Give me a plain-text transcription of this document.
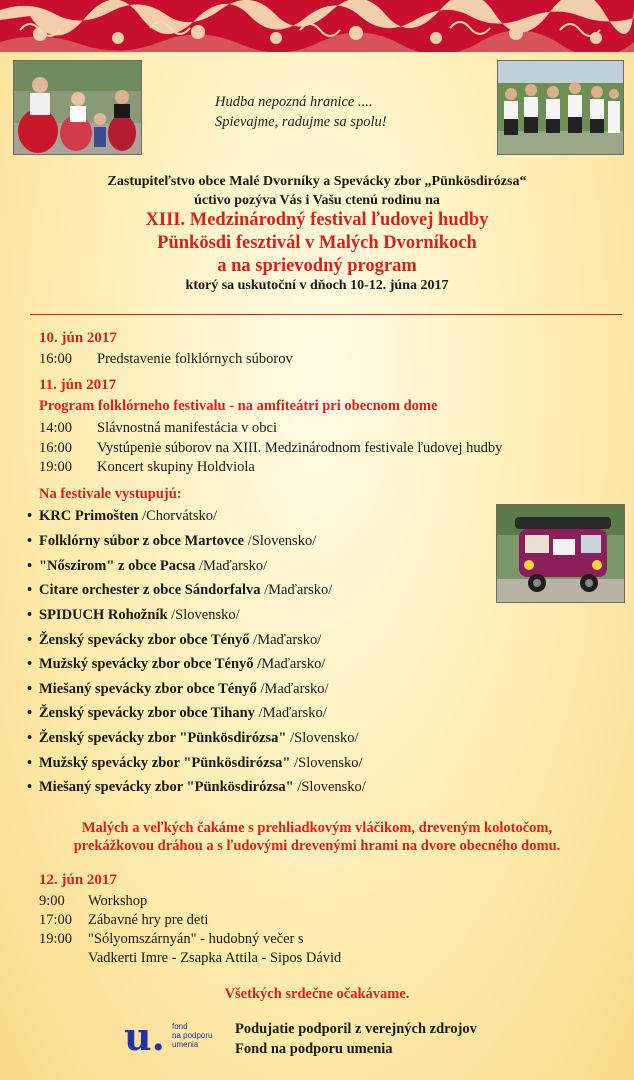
Hudba nepozná hranice ....
Spievajme, radujme sa spolu!
Zastupiteľstvo obce Malé Dvorníky a Spevácky zbor „Pünkösdirózsa“
úctivo pozýva Vás i Vašu ctenú rodinu na
XIII. Medzinárodný festival ľudovej hudby
Pünkösdi fesztivál v Malých Dvorníkoch
a na sprievodný program
ktorý sa uskutoční v dňoch 10-12. júna 2017
10. jún 2017
16:00 Predstavenie folklórnych súborov
11. jún 2017
Program folklórneho festivalu - na amfiteátri pri obecnom dome
14:00 Slávnostná manifestácia v obci
16:00 Vystúpenie súborov na XIII. Medzinárodnom festivale ľudovej hudby
19:00 Koncert skupiny Holdviola
Na festivale vystupujú:
• KRC Primošten /Chorvátsko/
• Folklórny súbor z obce Martovce /Slovensko/
• "Nőszirom" z obce Pacsa /Maďarsko/
• Citare orchester z obce Sándorfalva /Maďarsko/
• SPIDUCH Rohožník /Slovensko/
• Ženský spevácky zbor obce Tényő /Maďarsko/
• Mužský spevácky zbor obce Tényő /Maďarsko/
• Miešaný spevácky zbor obce Tényő /Maďarsko/
• Ženský spevácky zbor obce Tihany /Maďarsko/
• Ženský spevácky zbor "Pünkösdirózsa" /Slovensko/
• Mužský spevácky zbor "Pünkösdirózsa" /Slovensko/
• Miešaný spevácky zbor "Pünkösdirózsa" /Slovensko/
Malých a veľkých čakáme s prehliadkovým vláčikom, dreveným kolotočom,
prekážkovou dráhou a s ľudovými drevenými hrami na dvore obecného domu.
12. jún 2017
9:00 Workshop
17:00 Zábavné hry pre deti
19:00 "Sólyomszárnyán" - hudobný večer s
Vadkerti Imre - Zsapka Attila - Sipos Dávid
Všetkých srdečne očakávame.
u. fond
na podporu
umenia
Podujatie podporil z verejných zdrojov
Fond na podporu umenia
